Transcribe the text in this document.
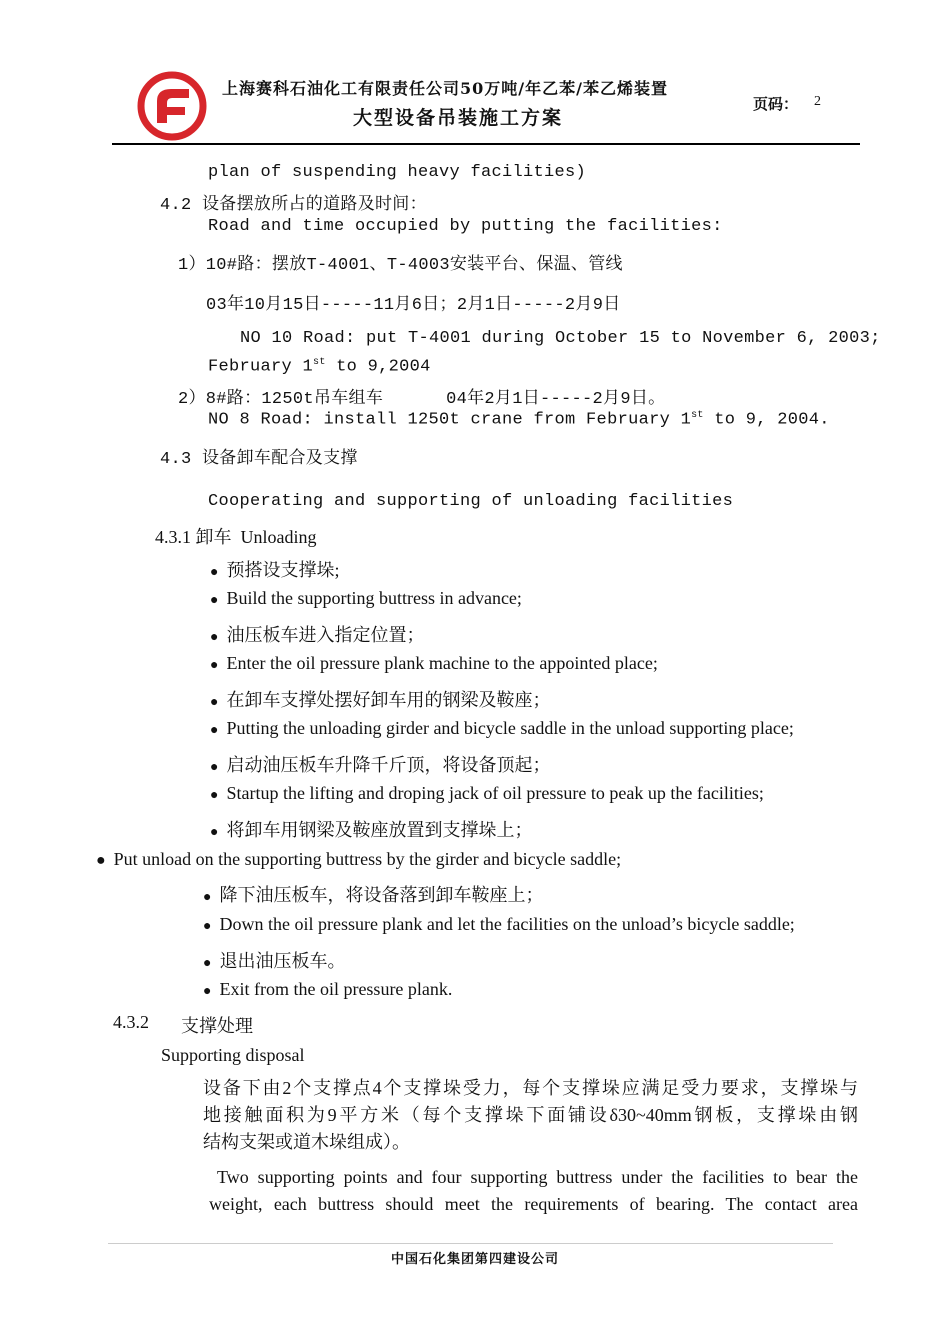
上海赛科石油化工有限责任公司50万吨/年乙苯/苯乙烯装置
大型设备吊装施工方案
页码： 2
plan of suspending heavy facilities)
4.2 设备摆放所占的道路及时间：
Road and time occupied by putting the facilities:
1）10#路：摆放T-4001、T-4003安装平台、保温、管线
03年10月15日-----11月6日；2月1日-----2月9日
NO 10 Road: put T-4001 during October 15 to November 6, 2003;
February 1st to 9,2004
2）8#路：1250t吊车组车      04年2月1日-----2月9日。
NO 8 Road: install 1250t crane from February 1st to 9, 2004.
4.3 设备卸车配合及支撑
Cooperating and supporting of unloading facilities
4.3.1 卸车  Unloading
● 预搭设支撑垛;
● Build the supporting buttress in advance;
● 油压板车进入指定位置；
● Enter the oil pressure plank machine to the appointed place;
● 在卸车支撑处摆好卸车用的钢梁及鞍座；
● Putting the unloading girder and bicycle saddle in the unload supporting place;
● 启动油压板车升降千斤顶，将设备顶起；
● Startup the lifting and droping jack of oil pressure to peak up the facilities;
● 将卸车用钢梁及鞍座放置到支撑垛上；
● Put unload on the supporting buttress by the girder and bicycle saddle;
● 降下油压板车，将设备落到卸车鞍座上；
● Down the oil pressure plank and let the facilities on the unload’s bicycle saddle;
● 退出油压板车。
● Exit from the oil pressure plank.
4.3.2 支撑处理
Supporting disposal
设备下由2个支撑点4个支撑垛受力，每个支撑垛应满足受力要求，支撑垛与
地接触面积为9平方米（每个支撑垛下面铺设δ30~40mm钢板，支撑垛由钢
结构支架或道木垛组成）。
Two supporting points and four supporting buttress under the facilities to bear the
weight, each buttress should meet the requirements of bearing. The contact area
中国石化集团第四建设公司
